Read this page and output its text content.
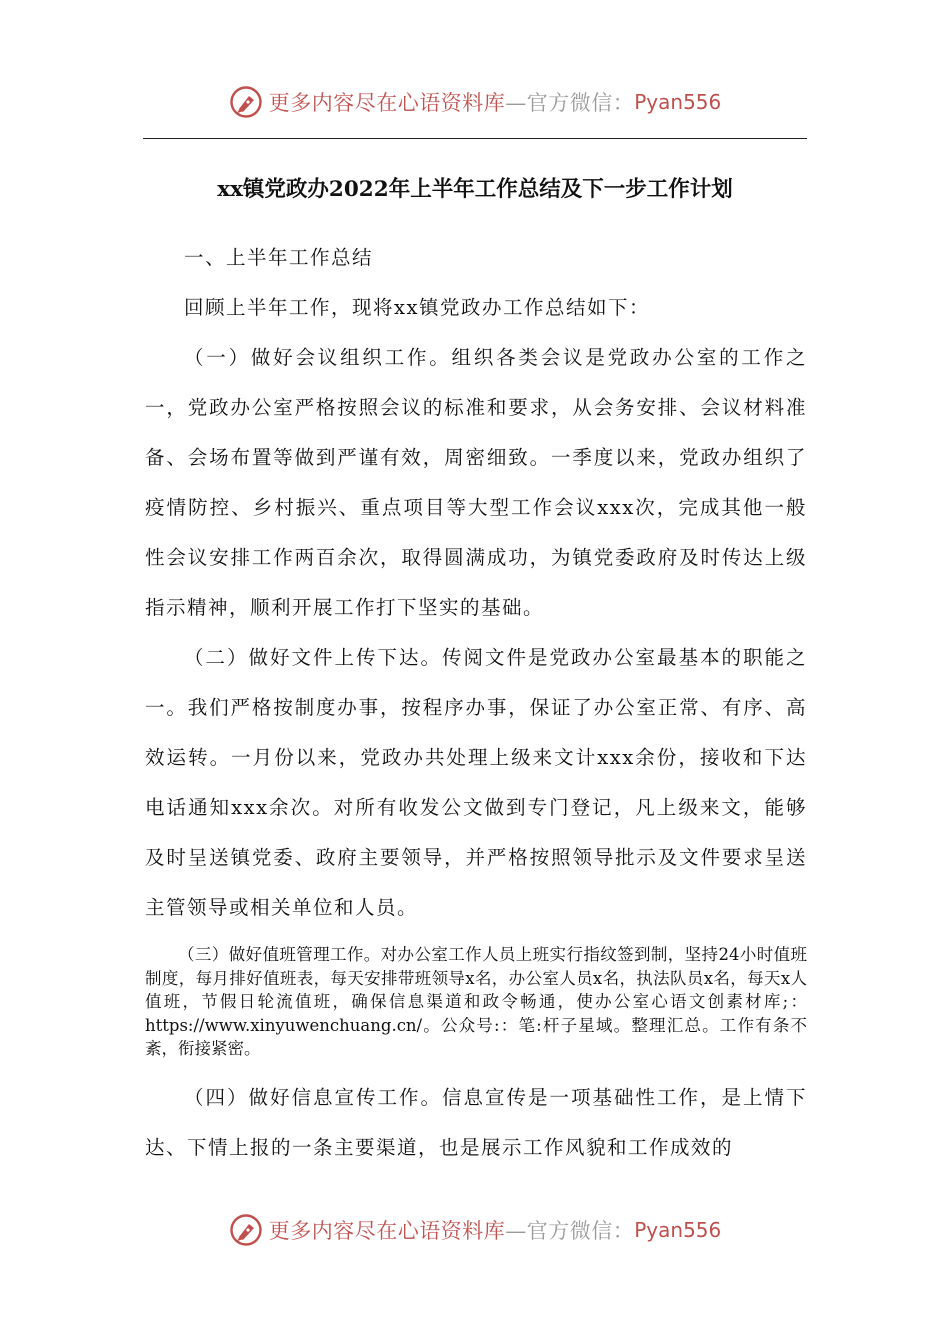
更多内容尽在心语资料库 —官方微信： Pyan556
xx镇党政办2022年上半年工作总结及下一步工作计划

一、上半年工作总结

回顾上半年工作，现将xx镇党政办工作总结如下：

（一）做好会议组织工作。组织各类会议是党政办公室的工作之一，党政办公室严格按照会议的标准和要求，从会务安排、会议材料准备、会场布置等做到严谨有效，周密细致。一季度以来，党政办组织了疫情防控、乡村振兴、重点项目等大型工作会议xxx次，完成其他一般性会议安排工作两百余次，取得圆满成功，为镇党委政府及时传达上级指示精神，顺利开展工作打下坚实的基础。

（二）做好文件上传下达。传阅文件是党政办公室最基本的职能之一。我们严格按制度办事，按程序办事，保证了办公室正常、有序、高效运转。一月份以来，党政办共处理上级来文计xxx余份，接收和下达电话通知xxx余次。对所有收发公文做到专门登记，凡上级来文，能够及时呈送镇党委、政府主要领导，并严格按照领导批示及文件要求呈送主管领导或相关单位和人员。

（三）做好值班管理工作。对办公室工作人员上班实行指纹签到制，坚持24小时值班制度，每月排好值班表，每天安排带班领导x名，办公室人员x名，执法队员x名，每天x人值班，节假日轮流值班，确保信息渠道和政令畅通，使办公室心语文创素材库;：https://www.xinyuwenchuang.cn/。公众号:：笔:杆子星域。整理汇总。工作有条不紊，衔接紧密。

（四）做好信息宣传工作。信息宣传是一项基础性工作，是上情下达、下情上报的一条主要渠道，也是展示工作风貌和工作成效的

更多内容尽在心语资料库 —官方微信： Pyan556
